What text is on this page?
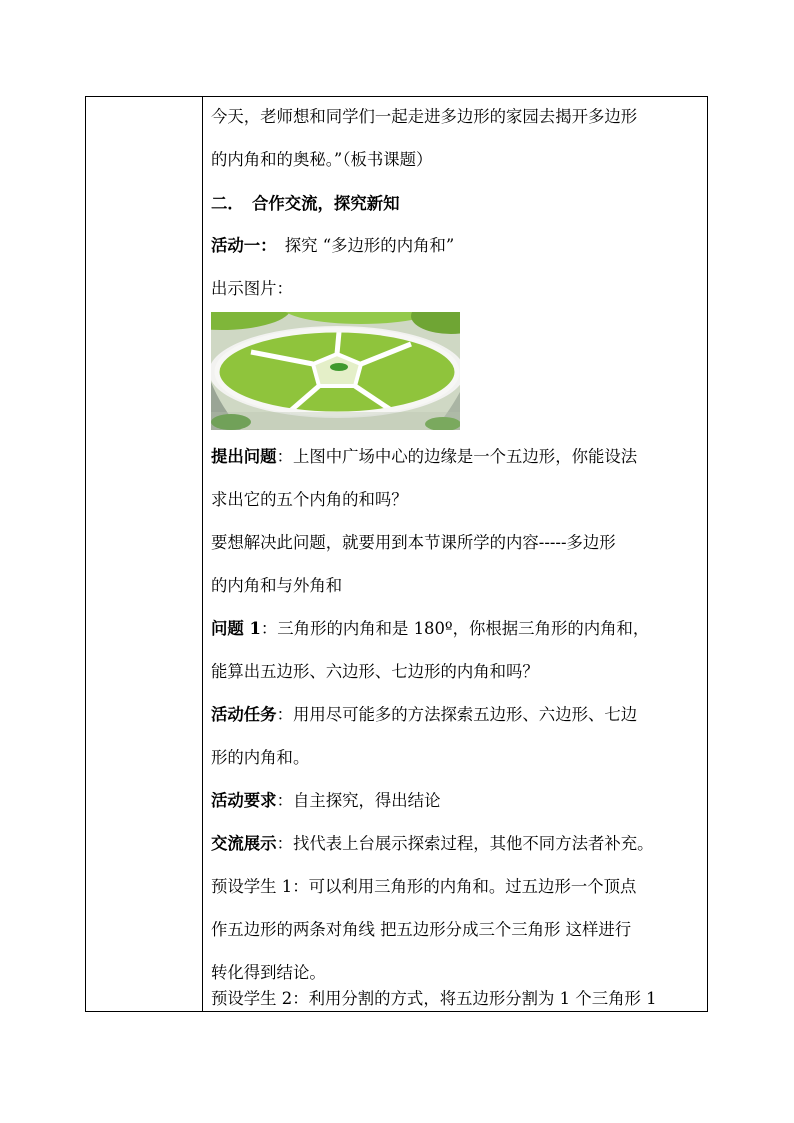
今天，老师想和同学们一起走进多边形的家园去揭开多边形
的内角和的奥秘。”（板书课题）
二．　合作交流，探究新知
活动一：　探究 “多边形的内角和”
出示图片：
提出问题：上图中广场中心的边缘是一个五边形，你能设法
求出它的五个内角的和吗？
要想解决此问题，就要用到本节课所学的内容-----多边形
的内角和与外角和
问题 1：三角形的内角和是 180º，你根据三角形的内角和，
能算出五边形、六边形、七边形的内角和吗？
活动任务：用用尽可能多的方法探索五边形、六边形、七边
形的内角和。
活动要求：自主探究，得出结论
交流展示：找代表上台展示探索过程，其他不同方法者补充。
预设学生 1：可以利用三角形的内角和。过五边形一个顶点
作五边形的两条对角线 把五边形分成三个三角形 这样进行
转化得到结论。
预设学生 2：利用分割的方式，将五边形分割为 1 个三角形 1
